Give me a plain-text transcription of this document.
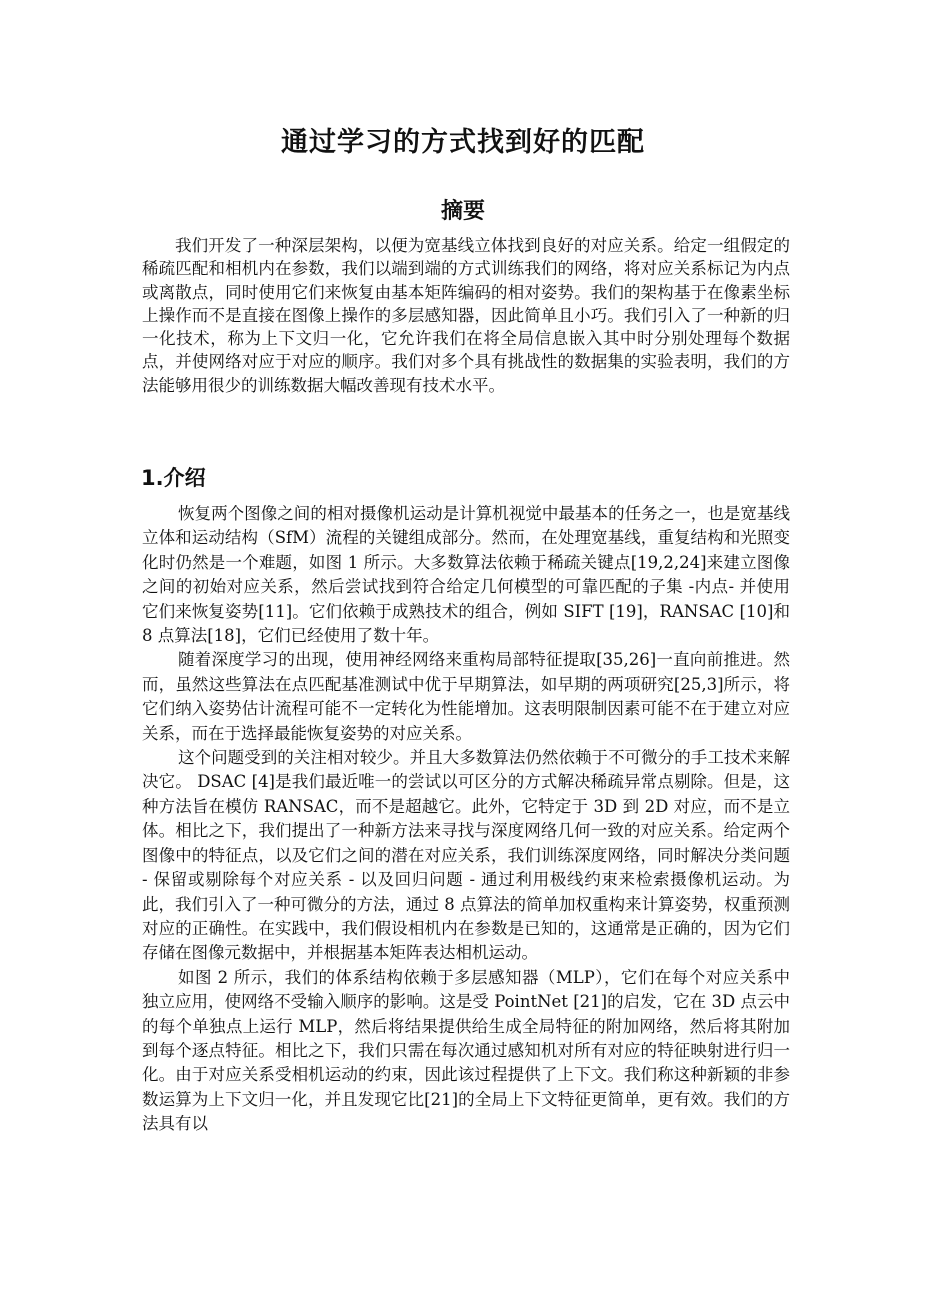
通过学习的方式找到好的匹配
摘要

我们开发了一种深层架构，以便为宽基线立体找到良好的对应关系。给定一组假定的稀疏匹配和相机内在参数，我们以端到端的方式训练我们的网络，将对应关系标记为内点或离散点，同时使用它们来恢复由基本矩阵编码的相对姿势。我们的架构基于在像素坐标上操作而不是直接在图像上操作的多层感知器，因此简单且小巧。我们引入了一种新的归一化技术，称为上下文归一化，它允许我们在将全局信息嵌入其中时分别处理每个数据点，并使网络对应于对应的顺序。我们对多个具有挑战性的数据集的实验表明，我们的方法能够用很少的训练数据大幅改善现有技术水平。

1.介绍

恢复两个图像之间的相对摄像机运动是计算机视觉中最基本的任务之一，也是宽基线立体和运动结构（SfM）流程的关键组成部分。然而，在处理宽基线，重复结构和光照变化时仍然是一个难题，如图 1 所示。大多数算法依赖于稀疏关键点[19,2,24]来建立图像之间的初始对应关系，然后尝试找到符合给定几何模型的可靠匹配的子集 -内点- 并使用它们来恢复姿势[11]。它们依赖于成熟技术的组合，例如 SIFT [19]，RANSAC [10]和 8 点算法[18]，它们已经使用了数十年。

随着深度学习的出现，使用神经网络来重构局部特征提取[35,26]一直向前推进。然而，虽然这些算法在点匹配基准测试中优于早期算法，如早期的两项研究[25,3]所示，将它们纳入姿势估计流程可能不一定转化为性能增加。这表明限制因素可能不在于建立对应关系，而在于选择最能恢复姿势的对应关系。

这个问题受到的关注相对较少。并且大多数算法仍然依赖于不可微分的手工技术来解决它。 DSAC [4]是我们最近唯一的尝试以可区分的方式解决稀疏异常点剔除。但是，这种方法旨在模仿 RANSAC，而不是超越它。此外，它特定于 3D 到 2D 对应，而不是立体。相比之下，我们提出了一种新方法来寻找与深度网络几何一致的对应关系。给定两个图像中的特征点，以及它们之间的潜在对应关系，我们训练深度网络，同时解决分类问题 - 保留或剔除每个对应关系 - 以及回归问题 - 通过利用极线约束来检索摄像机运动。为此，我们引入了一种可微分的方法，通过 8 点算法的简单加权重构来计算姿势，权重预测对应的正确性。在实践中，我们假设相机内在参数是已知的，这通常是正确的，因为它们存储在图像元数据中，并根据基本矩阵表达相机运动。

如图 2 所示，我们的体系结构依赖于多层感知器（MLP），它们在每个对应关系中独立应用，使网络不受输入顺序的影响。这是受 PointNet [21]的启发，它在 3D 点云中的每个单独点上运行 MLP，然后将结果提供给生成全局特征的附加网络，然后将其附加到每个逐点特征。相比之下，我们只需在每次通过感知机对所有对应的特征映射进行归一化。由于对应关系受相机运动的约束，因此该过程提供了上下文。我们称这种新颖的非参数运算为上下文归一化，并且发现它比[21]的全局上下文特征更简单，更有效。我们的方法具有以
